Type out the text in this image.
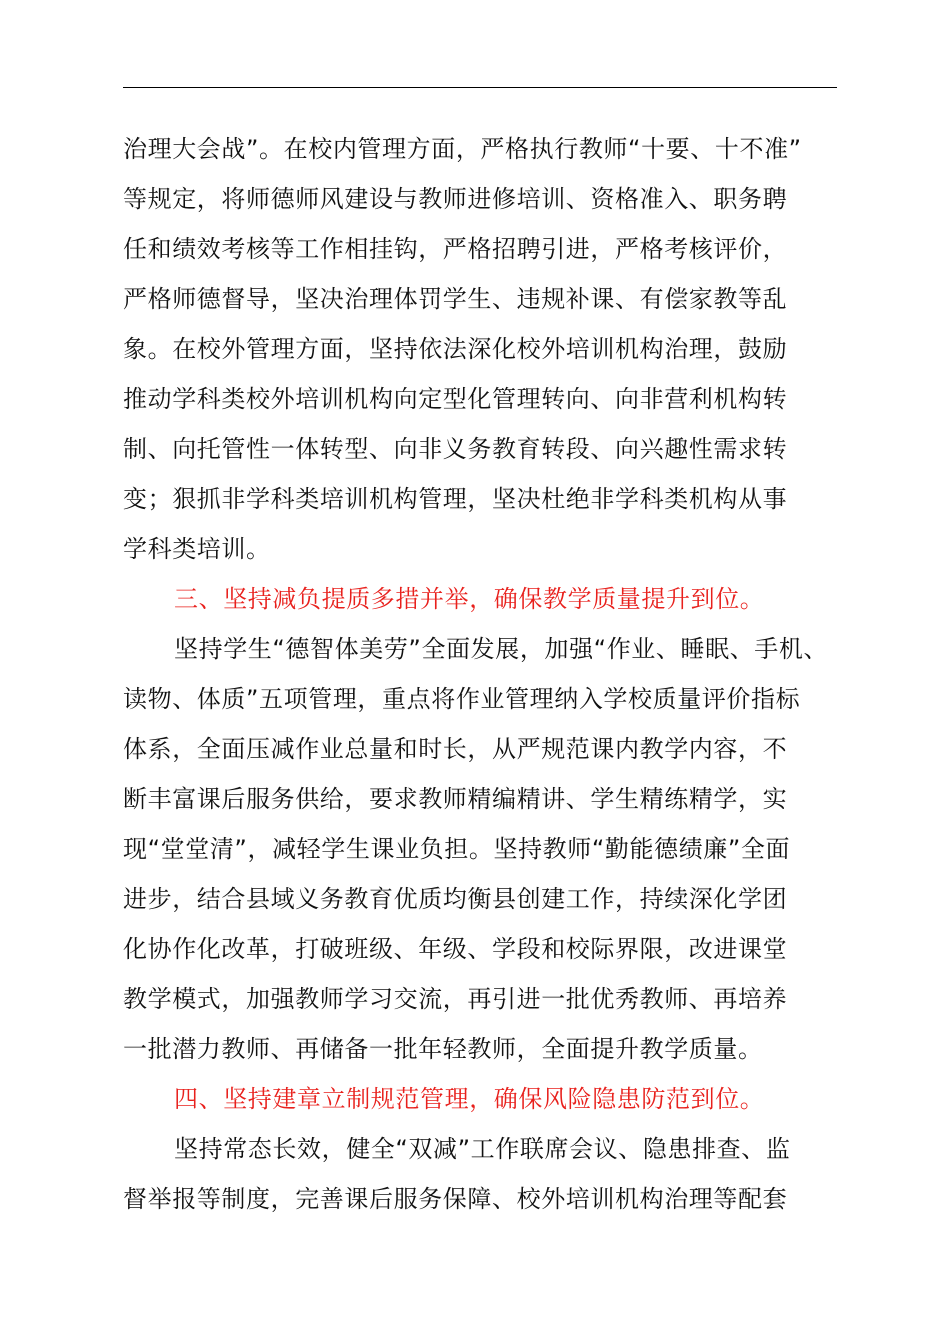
治理大会战”。在校内管理方面，严格执行教师“十要、十不准”
等规定，将师德师风建设与教师进修培训、资格准入、职务聘
任和绩效考核等工作相挂钩，严格招聘引进，严格考核评价，
严格师德督导，坚决治理体罚学生、违规补课、有偿家教等乱
象。在校外管理方面，坚持依法深化校外培训机构治理，鼓励
推动学科类校外培训机构向定型化管理转向、向非营利机构转
制、向托管性一体转型、向非义务教育转段、向兴趣性需求转
变；狠抓非学科类培训机构管理，坚决杜绝非学科类机构从事
学科类培训。
三、坚持减负提质多措并举，确保教学质量提升到位。
坚持学生“德智体美劳”全面发展，加强“作业、睡眠、手机、
读物、体质”五项管理，重点将作业管理纳入学校质量评价指标
体系，全面压减作业总量和时长，从严规范课内教学内容，不
断丰富课后服务供给，要求教师精编精讲、学生精练精学，实
现“堂堂清”，减轻学生课业负担。坚持教师“勤能德绩廉”全面
进步，结合县域义务教育优质均衡县创建工作，持续深化学团
化协作化改革，打破班级、年级、学段和校际界限，改进课堂
教学模式，加强教师学习交流，再引进一批优秀教师、再培养
一批潜力教师、再储备一批年轻教师，全面提升教学质量。
四、坚持建章立制规范管理，确保风险隐患防范到位。
坚持常态长效，健全“双减”工作联席会议、隐患排查、监
督举报等制度，完善课后服务保障、校外培训机构治理等配套
